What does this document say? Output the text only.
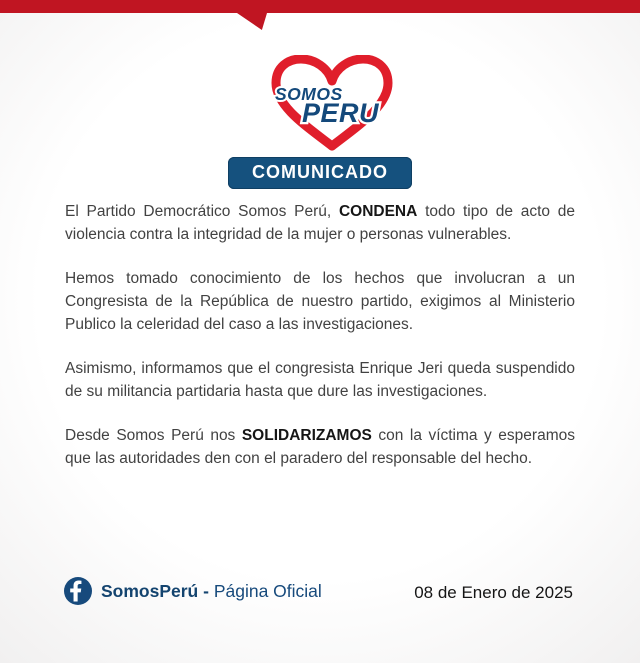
SOMOS
PERU
COMUNICADO

El Partido Democrático Somos Perú, CONDENA todo tipo de acto de violencia contra la integridad de la mujer o personas vulnerables.

Hemos tomado conocimiento de los hechos que involucran a un Congresista de la República de nuestro partido, exigimos al Ministerio Publico la celeridad del caso a las investigaciones.

Asimismo, informamos que el congresista Enrique Jeri queda suspendido de su militancia partidaria hasta que dure las investigaciones.

Desde Somos Perú nos SOLIDARIZAMOS con la víctima y esperamos que las autoridades den con el paradero del responsable del hecho.

SomosPerú - Página Oficial	08 de Enero de 2025
